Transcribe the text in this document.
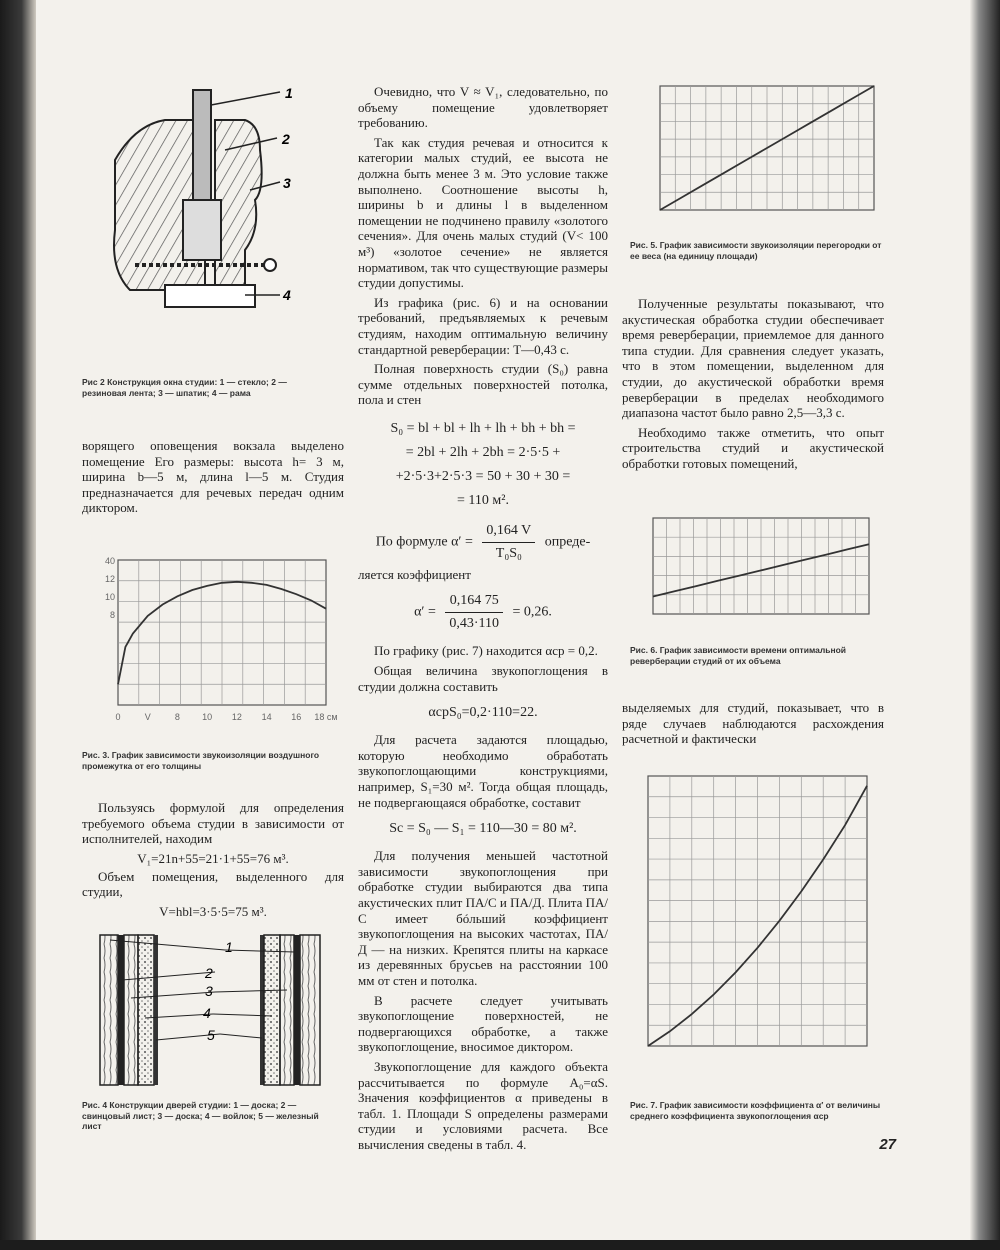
1
2
3
4
Рис 2 Конструкция окна студии: 1 — стекло; 2 — резиновая лента; 3 — шпатик; 4 — рама

ворящего оповещения вокзала выделено помещение Его размеры: высота h= 3 м, ширина b—5 м, длина l—5 м. Студия предназначается для речевых передач одним диктором.

0	V	8 10 12 14 16 18 см
40
12
10
8
Рис. 3. График зависимости звукоизоляции воздушного промежутка от его толщины

Пользуясь формулой для определения требуемого объема студии в зависимости от исполнителей, находим

V₁=21n+55=21·1+55=76 м³.

Объем помещения, выделенного для студии,

V=hbl=3·5·5=75 м³.
1
2
3
4
5
Рис. 4 Конструкции дверей студии: 1 — доска; 2 — свинцовый лист; 3 — доска; 4 — войлок; 5 — железный лист

Очевидно, что V ≈ V₁, следовательно, по объему помещение удовлетворяет требованию.

Так как студия речевая и относится к категории малых студий, ее высота не должна быть менее 3 м. Это условие также выполнено. Соотношение высоты h, ширины b и длины l в выделенном помещении не подчинено правилу «золотого сечения». Для очень малых студий (V< 100 м³) «золотое сечение» не является нормативом, так что существующие размеры студии допустимы.

Из графика (рис. 6) и на основании требований, предъявляемых к речевым студиям, находим оптимальную величину стандартной реверберации: T—0,43 с.

Полная поверхность студии (S₀) равна сумме отдельных поверхностей потолка, пола и стен

S₀ = bl + bl + lh + lh + bh + bh =
= 2bl + 2lh + 2bh = 2·5·5 +
+2·5·3+2·5·3 = 50 + 30 + 30 =
= 110 м².
По формуле $\alpha' = \frac{0,164 V}{\text{T₀S₀}}$ опреде-

ляется коэффициент

$\alpha' = \frac{0,164 75}{0,43\cdot 110} = 0,26$.

По графику (рис. 7) находится αср = 0,2.

Общая величина звукопоглощения в студии должна составить

αсрS₀=0,2·110=22.

Для расчета задаются площадью, которую необходимо обработать звукопоглощающими конструкциями, например, S₁=30 м². Тогда общая площадь, не подвергающаяся обработке, составит

Sc = S₀ — S₁ = 110—30 = 80 м².

Для получения меньшей частотной зависимости звукопоглощения при обработке студии выбираются два типа акустических плит ПА/С и ПА/Д. Плита ПА/С имеет бóльший коэффициент звукопоглощения на высоких частотах, ПА/Д — на низких. Крепятся плиты на каркасе из деревянных брусьев на расстоянии 100 мм от стен и потолка.

В расчете следует учитывать звукопоглощение поверхностей, не подвергающихся обработке, а также звукопоглощение, вносимое диктором.

Звукопоглощение для каждого объекта рассчитывается по формуле A₀=αS. Значения коэффициентов α приведены в табл. 1. Площади S определены размерами студии и условиями расчета. Все вычисления сведены в табл. 4.

Рис. 5. График зависимости звукоизоляции перегородки от ее веса (на единицу площади)

Полученные результаты показывают, что акустическая обработка студии обеспечивает время реверберации, приемлемое для данного типа студии. Для сравнения следует указать, что в этом помещении, выделенном для студии, до акустической обработки время реверберации в пределах необходимого диапазона частот было равно 2,5—3,3 с.

Необходимо также отметить, что опыт строительства студий и акустической обработки готовых помещений,

Рис. 6. График зависимости времени оптимальной реверберации студий от их объема

выделяемых для студий, показывает, что в ряде случаев наблюдаются расхождения расчетной и фактически

Рис. 7. График зависимости коэффициента α′ от величины среднего коэффициента звукопоглощения αср
27
